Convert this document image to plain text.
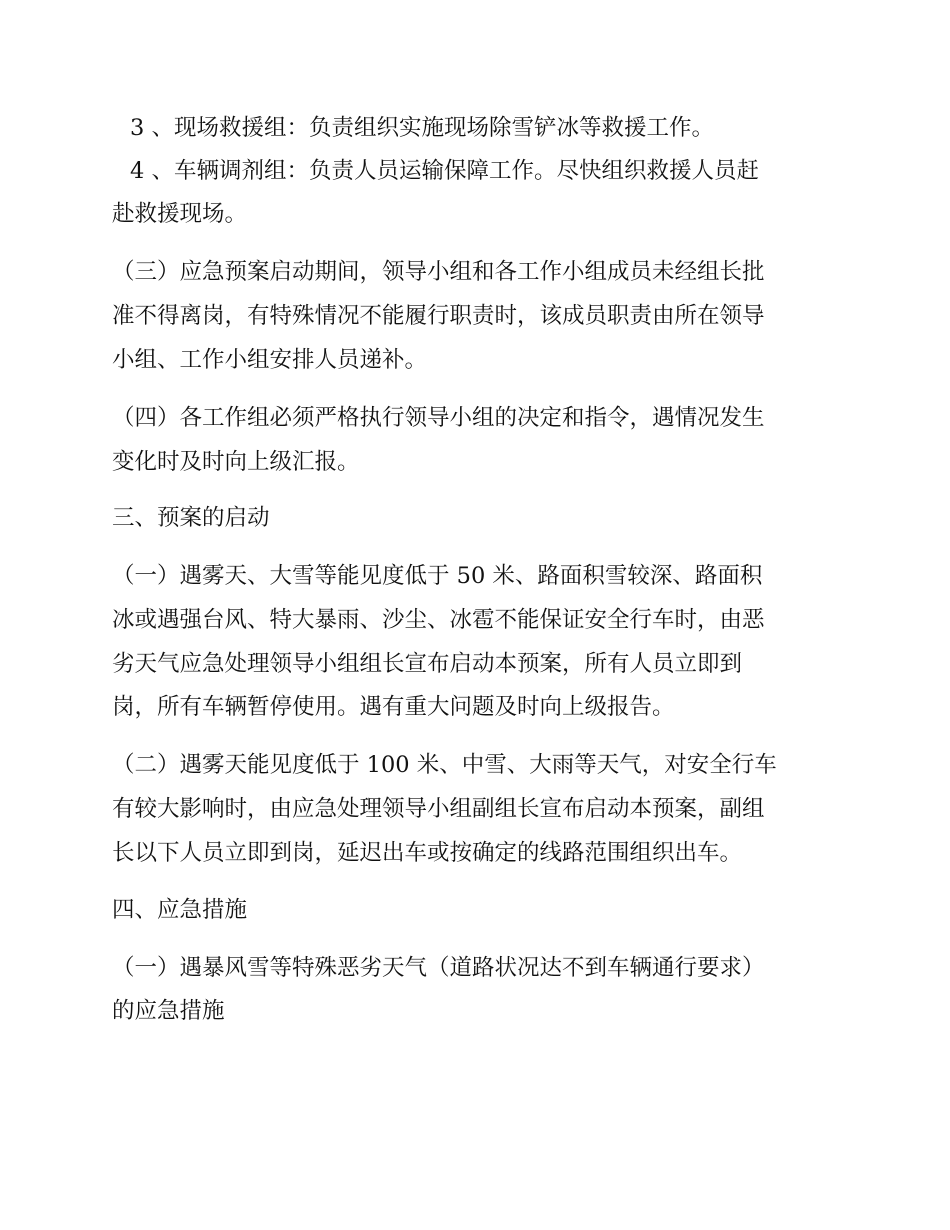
3 、现场救援组：负责组织实施现场除雪铲冰等救援工作。
4 、车辆调剂组：负责人员运输保障工作。尽快组织救援人员赶
赴救援现场。
（三）应急预案启动期间，领导小组和各工作小组成员未经组长批
准不得离岗，有特殊情况不能履行职责时，该成员职责由所在领导
小组、工作小组安排人员递补。
（四）各工作组必须严格执行领导小组的决定和指令，遇情况发生
变化时及时向上级汇报。
三、预案的启动
（一）遇雾天、大雪等能见度低于 50 米、路面积雪较深、路面积
冰或遇强台风、特大暴雨、沙尘、冰雹不能保证安全行车时，由恶
劣天气应急处理领导小组组长宣布启动本预案，所有人员立即到
岗，所有车辆暂停使用。遇有重大问题及时向上级报告。
（二）遇雾天能见度低于 100 米、中雪、大雨等天气，对安全行车
有较大影响时，由应急处理领导小组副组长宣布启动本预案，副组
长以下人员立即到岗，延迟出车或按确定的线路范围组织出车。
四、应急措施
（一）遇暴风雪等特殊恶劣天气（道路状况达不到车辆通行要求）
的应急措施
